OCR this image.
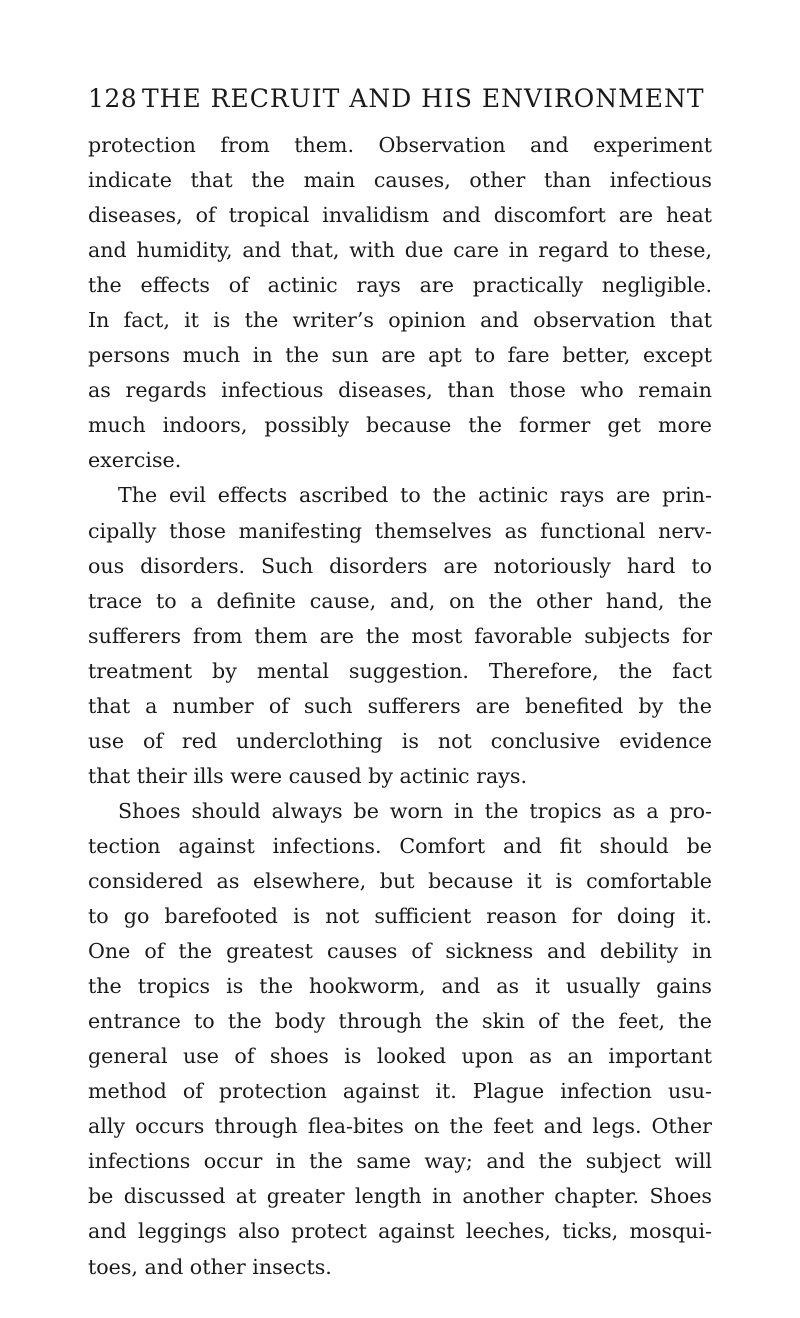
128 THE RECRUIT AND HIS ENVIRONMENT
protection from them. Observation and experiment
indicate that the main causes, other than infectious
diseases, of tropical invalidism and discomfort are heat
and humidity, and that, with due care in regard to these,
the effects of actinic rays are practically negligible.
In fact, it is the writer’s opinion and observation that
persons much in the sun are apt to fare better, except
as regards infectious diseases, than those who remain
much indoors, possibly because the former get more
exercise.
The evil effects ascribed to the actinic rays are prin-
cipally those manifesting themselves as functional nerv-
ous disorders. Such disorders are notoriously hard to
trace to a definite cause, and, on the other hand, the
sufferers from them are the most favorable subjects for
treatment by mental suggestion. Therefore, the fact
that a number of such sufferers are benefited by the
use of red underclothing is not conclusive evidence
that their ills were caused by actinic rays.
Shoes should always be worn in the tropics as a pro-
tection against infections. Comfort and fit should be
considered as elsewhere, but because it is comfortable
to go barefooted is not sufficient reason for doing it.
One of the greatest causes of sickness and debility in
the tropics is the hookworm, and as it usually gains
entrance to the body through the skin of the feet, the
general use of shoes is looked upon as an important
method of protection against it. Plague infection usu-
ally occurs through flea-bites on the feet and legs. Other
infections occur in the same way; and the subject will
be discussed at greater length in another chapter. Shoes
and leggings also protect against leeches, ticks, mosqui-
toes, and other insects.
